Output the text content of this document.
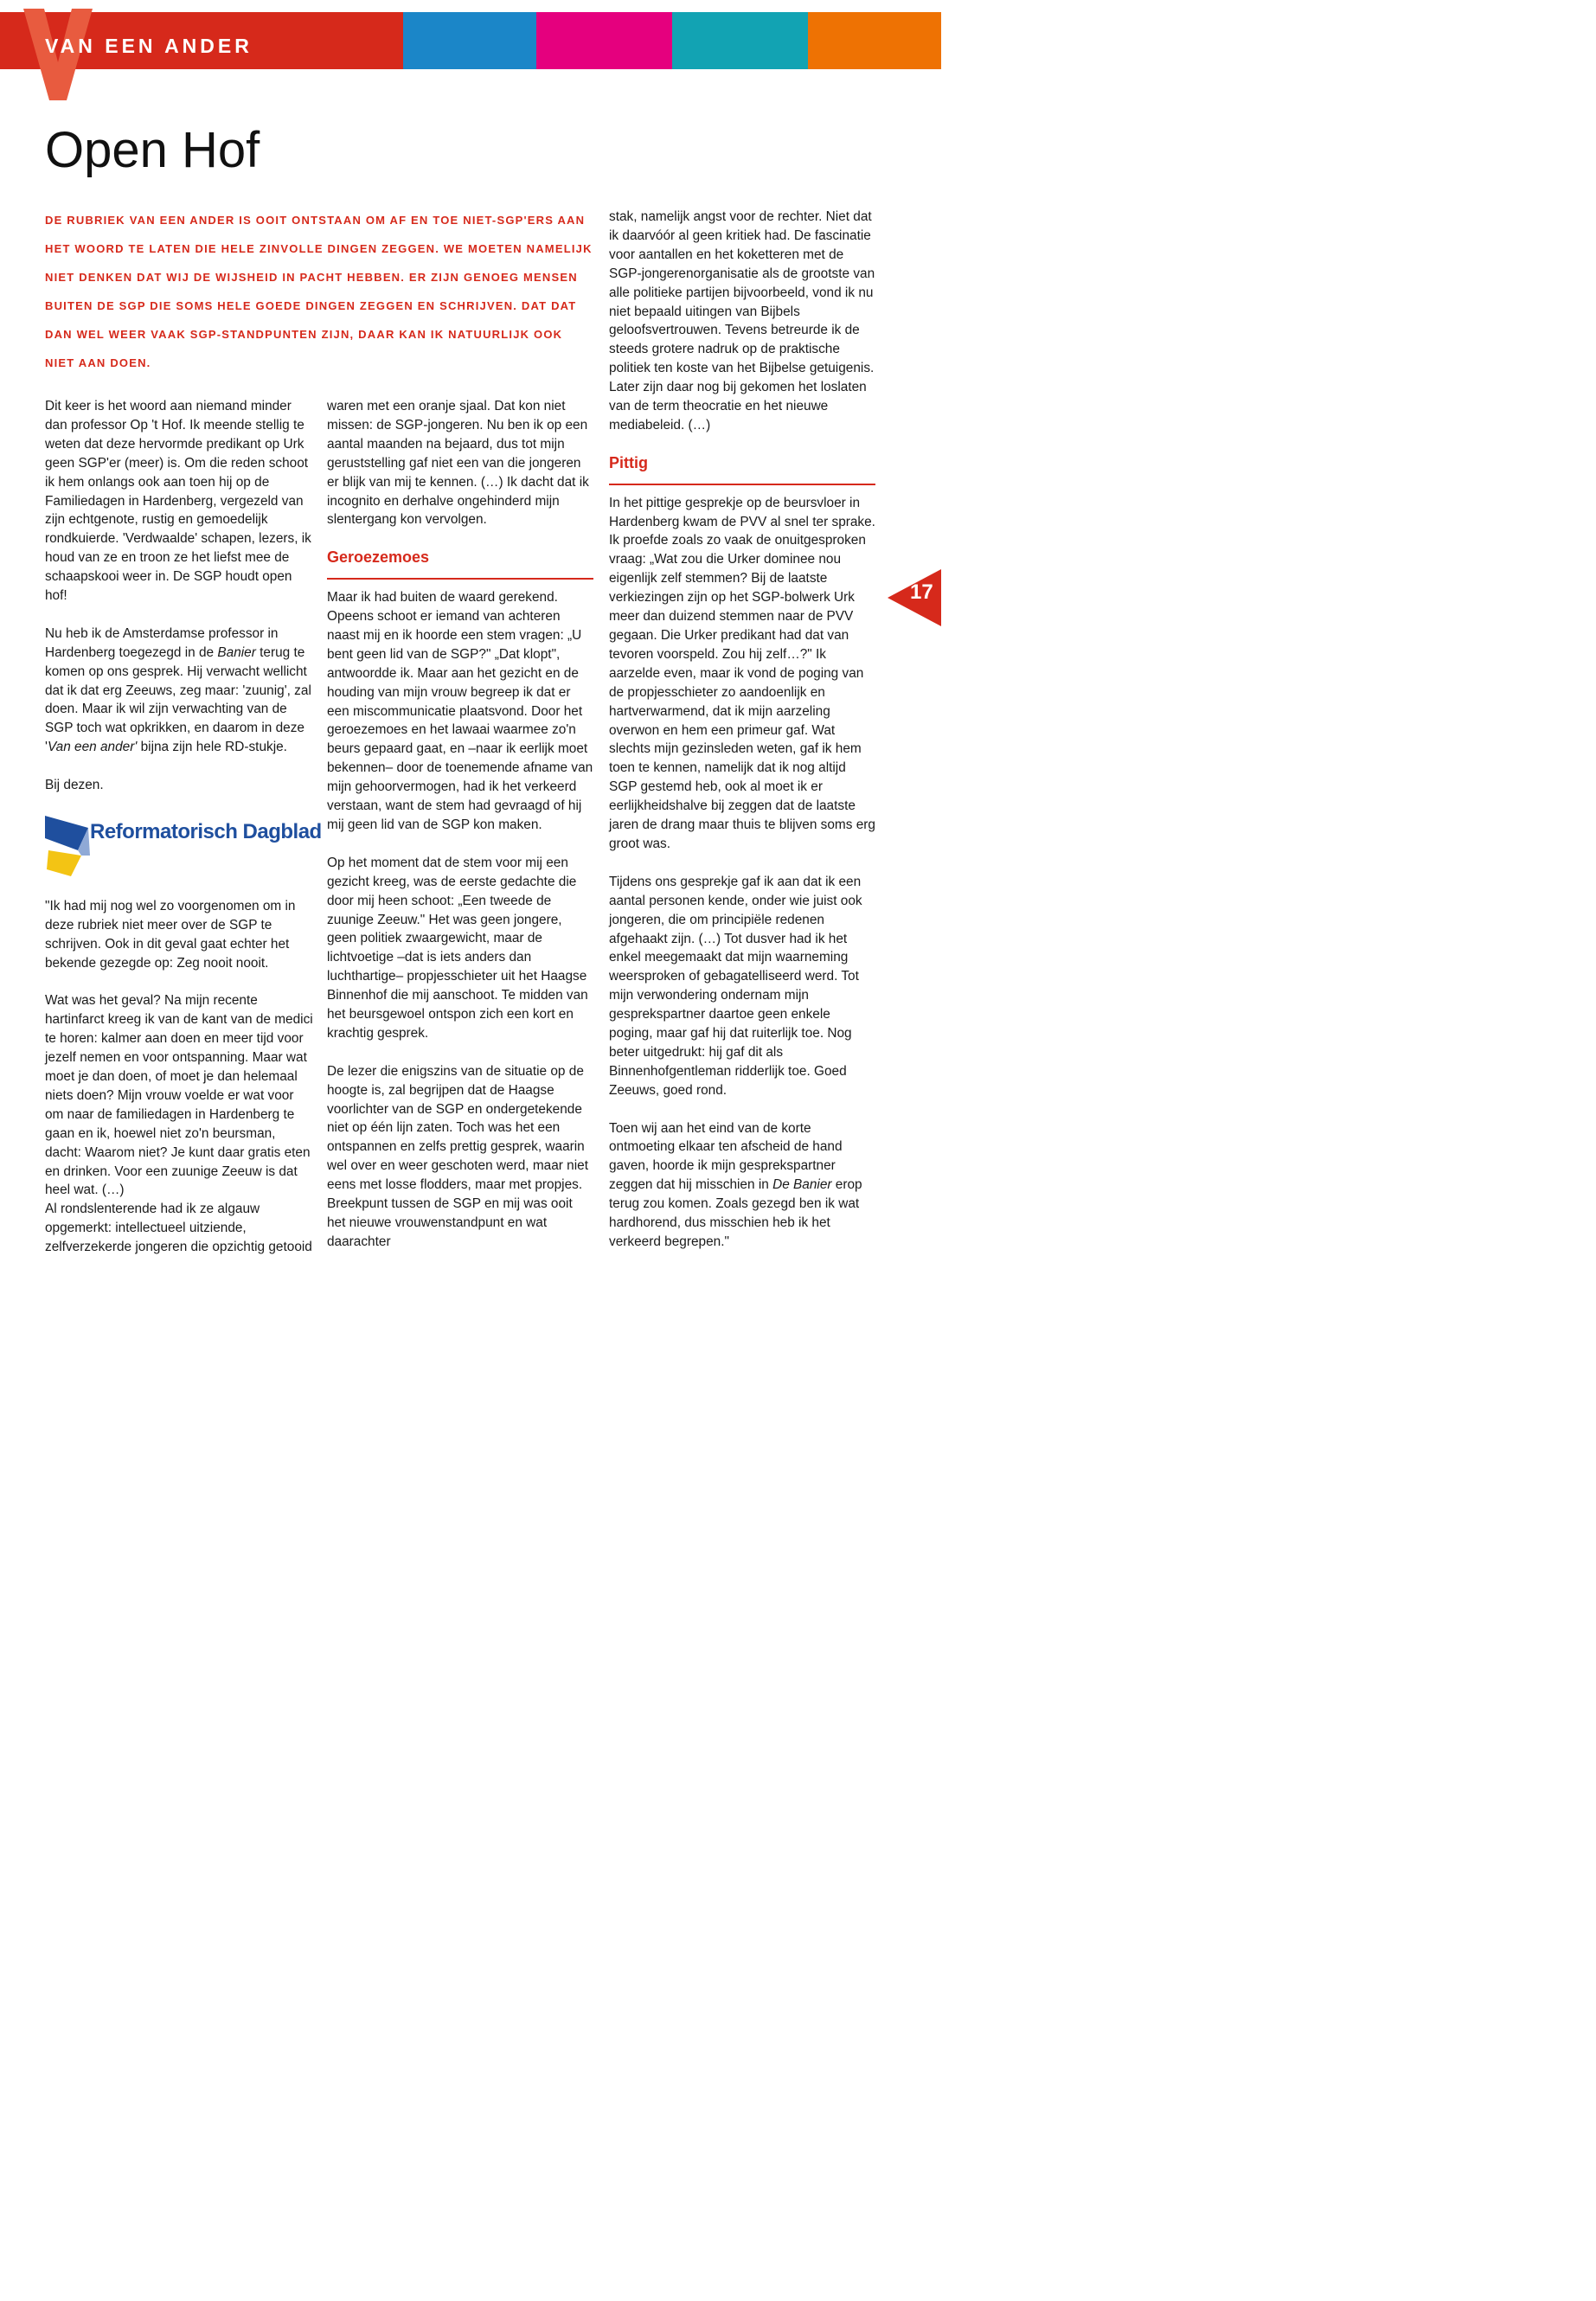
VAN EEN ANDER
Open Hof
DE RUBRIEK VAN EEN ANDER IS OOIT ONTSTAAN OM AF EN TOE NIET-SGP'ERS AAN HET WOORD TE LATEN DIE HELE ZINVOLLE DINGEN ZEGGEN. WE MOETEN NAMELIJK NIET DENKEN DAT WIJ DE WIJSHEID IN PACHT HEBBEN. ER ZIJN GENOEG MENSEN BUITEN DE SGP DIE SOMS HELE GOEDE DINGEN ZEGGEN EN SCHRIJVEN. DAT DAT DAN WEL WEER VAAK SGP-STANDPUNTEN ZIJN, DAAR KAN IK NATUURLIJK OOK NIET AAN DOEN.

Dit keer is het woord aan niemand minder dan professor Op 't Hof. Ik meende stellig te weten dat deze hervormde predikant op Urk geen SGP'er (meer) is. Om die reden schoot ik hem onlangs ook aan toen hij op de Familiedagen in Hardenberg, vergezeld van zijn echtgenote, rustig en gemoedelijk rondkuierde. 'Verdwaalde' schapen, lezers, ik houd van ze en troon ze het liefst mee de schaapskooi weer in. De SGP houdt open hof!

Nu heb ik de Amsterdamse professor in Hardenberg toegezegd in de Banier terug te komen op ons gesprek. Hij verwacht wellicht dat ik dat erg Zeeuws, zeg maar: 'zuunig', zal doen. Maar ik wil zijn verwachting van de SGP toch wat opkrikken, en daarom in deze 'Van een ander' bijna zijn hele RD-stukje.

Bij dezen.

Reformatorisch Dagblad

"Ik had mij nog wel zo voorgenomen om in deze rubriek niet meer over de SGP te schrijven. Ook in dit geval gaat echter het bekende gezegde op: Zeg nooit nooit.

Wat was het geval? Na mijn recente hartinfarct kreeg ik van de kant van de medici te horen: kalmer aan doen en meer tijd voor jezelf nemen en voor ontspanning. Maar wat moet je dan doen, of moet je dan helemaal niets doen? Mijn vrouw voelde er wat voor om naar de familiedagen in Hardenberg te gaan en ik, hoewel niet zo'n beursman, dacht: Waarom niet? Je kunt daar gratis eten en drinken. Voor een zuunige Zeeuw is dat heel wat. (…)

Al rondslenterende had ik ze algauw opgemerkt: intellectueel uitziende, zelfverzekerde jongeren die opzichtig getooid

waren met een oranje sjaal. Dat kon niet missen: de SGP-jongeren. Nu ben ik op een aantal maanden na bejaard, dus tot mijn geruststelling gaf niet een van die jongeren er blijk van mij te kennen. (…) Ik dacht dat ik incognito en derhalve ongehinderd mijn slentergang kon vervolgen.

Geroezemoes

Maar ik had buiten de waard gerekend. Opeens schoot er iemand van achteren naast mij en ik hoorde een stem vragen: „U bent geen lid van de SGP?" „Dat klopt", antwoordde ik. Maar aan het gezicht en de houding van mijn vrouw begreep ik dat er een miscommunicatie plaatsvond. Door het geroezemoes en het lawaai waarmee zo'n beurs gepaard gaat, en –naar ik eerlijk moet bekennen– door de toenemende afname van mijn gehoorvermogen, had ik het verkeerd verstaan, want de stem had gevraagd of hij mij geen lid van de SGP kon maken.

Op het moment dat de stem voor mij een gezicht kreeg, was de eerste gedachte die door mij heen schoot: „Een tweede de zuunige Zeeuw." Het was geen jongere, geen politiek zwaargewicht, maar de lichtvoetige –dat is iets anders dan luchthartige– propjesschieter uit het Haagse Binnenhof die mij aanschoot. Te midden van het beursgewoel ontspon zich een kort en krachtig gesprek.

De lezer die enigszins van de situatie op de hoogte is, zal begrijpen dat de Haagse voorlichter van de SGP en ondergetekende niet op één lijn zaten. Toch was het een ontspannen en zelfs prettig gesprek, waarin wel over en weer geschoten werd, maar niet eens met losse flodders, maar met propjes. Breekpunt tussen de SGP en mij was ooit het nieuwe vrouwenstandpunt en wat daarachter

stak, namelijk angst voor de rechter. Niet dat ik daarvóór al geen kritiek had. De fascinatie voor aantallen en het koketteren met de SGP-jongerenorganisatie als de grootste van alle politieke partijen bijvoorbeeld, vond ik nu niet bepaald uitingen van Bijbels geloofsvertrouwen. Tevens betreurde ik de steeds grotere nadruk op de praktische politiek ten koste van het Bijbelse getuigenis. Later zijn daar nog bij gekomen het loslaten van de term theocratie en het nieuwe mediabeleid. (…)

Pittig

In het pittige gesprekje op de beursvloer in Hardenberg kwam de PVV al snel ter sprake. Ik proefde zoals zo vaak de onuitgesproken vraag: „Wat zou die Urker dominee nou eigenlijk zelf stemmen? Bij de laatste verkiezingen zijn op het SGP-bolwerk Urk meer dan duizend stemmen naar de PVV gegaan. Die Urker predikant had dat van tevoren voorspeld. Zou hij zelf…?" Ik aarzelde even, maar ik vond de poging van de propjesschieter zo aandoenlijk en hartverwarmend, dat ik mijn aarzeling overwon en hem een primeur gaf. Wat slechts mijn gezinsleden weten, gaf ik hem toen te kennen, namelijk dat ik nog altijd SGP gestemd heb, ook al moet ik er eerlijkheidshalve bij zeggen dat de laatste jaren de drang maar thuis te blijven soms erg groot was.

Tijdens ons gesprekje gaf ik aan dat ik een aantal personen kende, onder wie juist ook jongeren, die om principiële redenen afgehaakt zijn. (…) Tot dusver had ik het enkel meegemaakt dat mijn waarneming weersproken of gebagatelliseerd werd. Tot mijn verwondering ondernam mijn gesprekspartner daartoe geen enkele poging, maar gaf hij dat ruiterlijk toe. Nog beter uitgedrukt: hij gaf dit als Binnenhofgentleman ridderlijk toe. Goed Zeeuws, goed rond.

Toen wij aan het eind van de korte ontmoeting elkaar ten afscheid de hand gaven, hoorde ik mijn gesprekspartner zeggen dat hij misschien in De Banier erop terug zou komen. Zoals gezegd ben ik wat hardhorend, dus misschien heb ik het verkeerd begrepen."

17
